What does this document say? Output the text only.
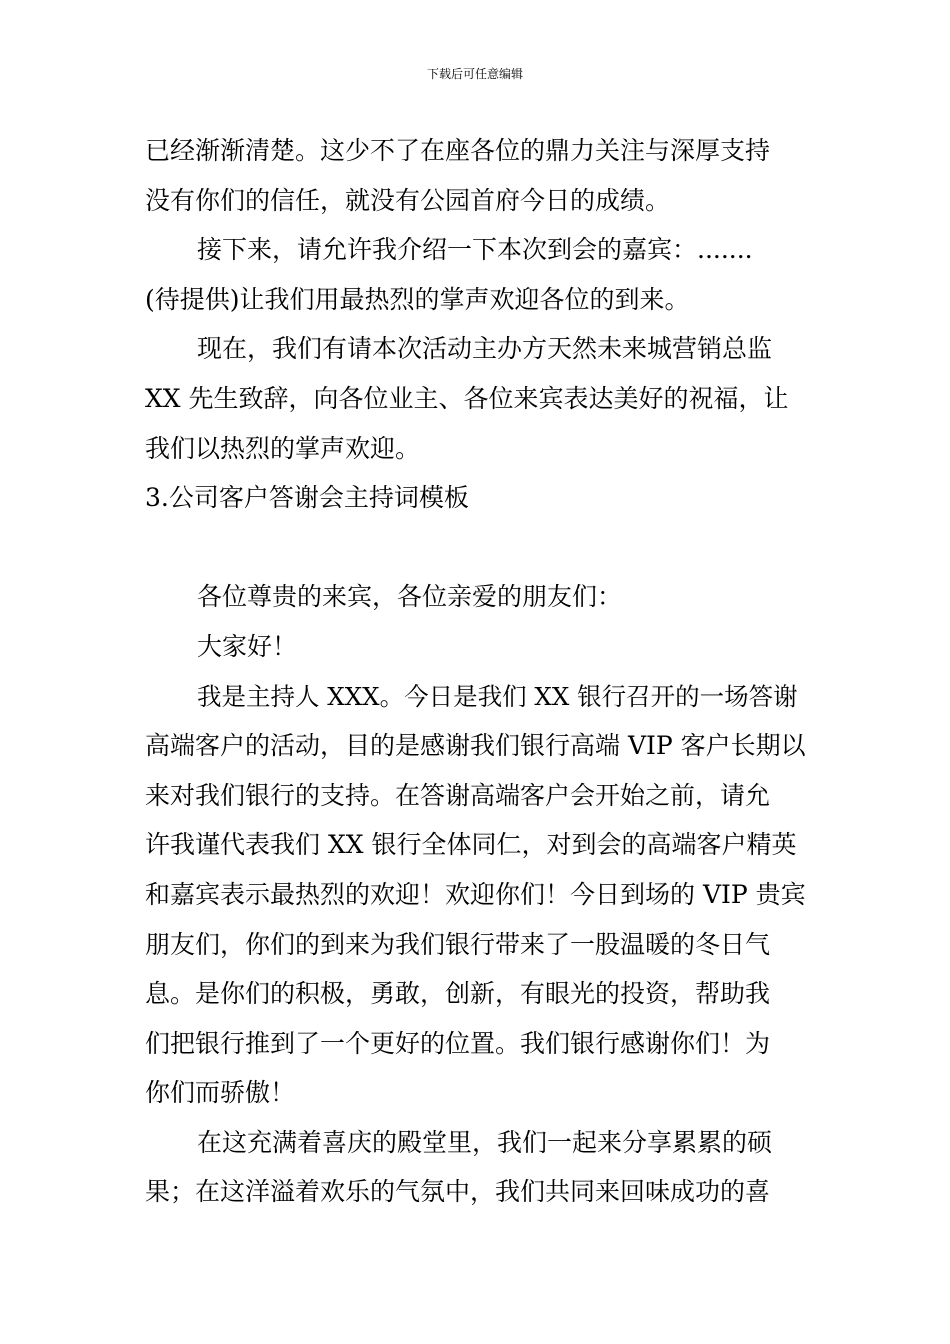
下载后可任意编辑
已经渐渐清楚。这少不了在座各位的鼎力关注与深厚支持
没有你们的信任，就没有公园首府今日的成绩。
接下来，请允许我介绍一下本次到会的嘉宾：.......
(待提供)让我们用最热烈的掌声欢迎各位的到来。
现在，我们有请本次活动主办方天然未来城营销总监
XX 先生致辞，向各位业主、各位来宾表达美好的祝福，让
我们以热烈的掌声欢迎。
3.公司客户答谢会主持词模板
各位尊贵的来宾，各位亲爱的朋友们：
大家好！
我是主持人 XXX。今日是我们 XX 银行召开的一场答谢
高端客户的活动，目的是感谢我们银行高端 VIP 客户长期以
来对我们银行的支持。在答谢高端客户会开始之前，请允
许我谨代表我们 XX 银行全体同仁，对到会的高端客户精英
和嘉宾表示最热烈的欢迎！欢迎你们！今日到场的 VIP 贵宾
朋友们，你们的到来为我们银行带来了一股温暖的冬日气
息。是你们的积极，勇敢，创新，有眼光的投资，帮助我
们把银行推到了一个更好的位置。我们银行感谢你们！为
你们而骄傲！
在这充满着喜庆的殿堂里，我们一起来分享累累的硕
果；在这洋溢着欢乐的气氛中，我们共同来回味成功的喜
